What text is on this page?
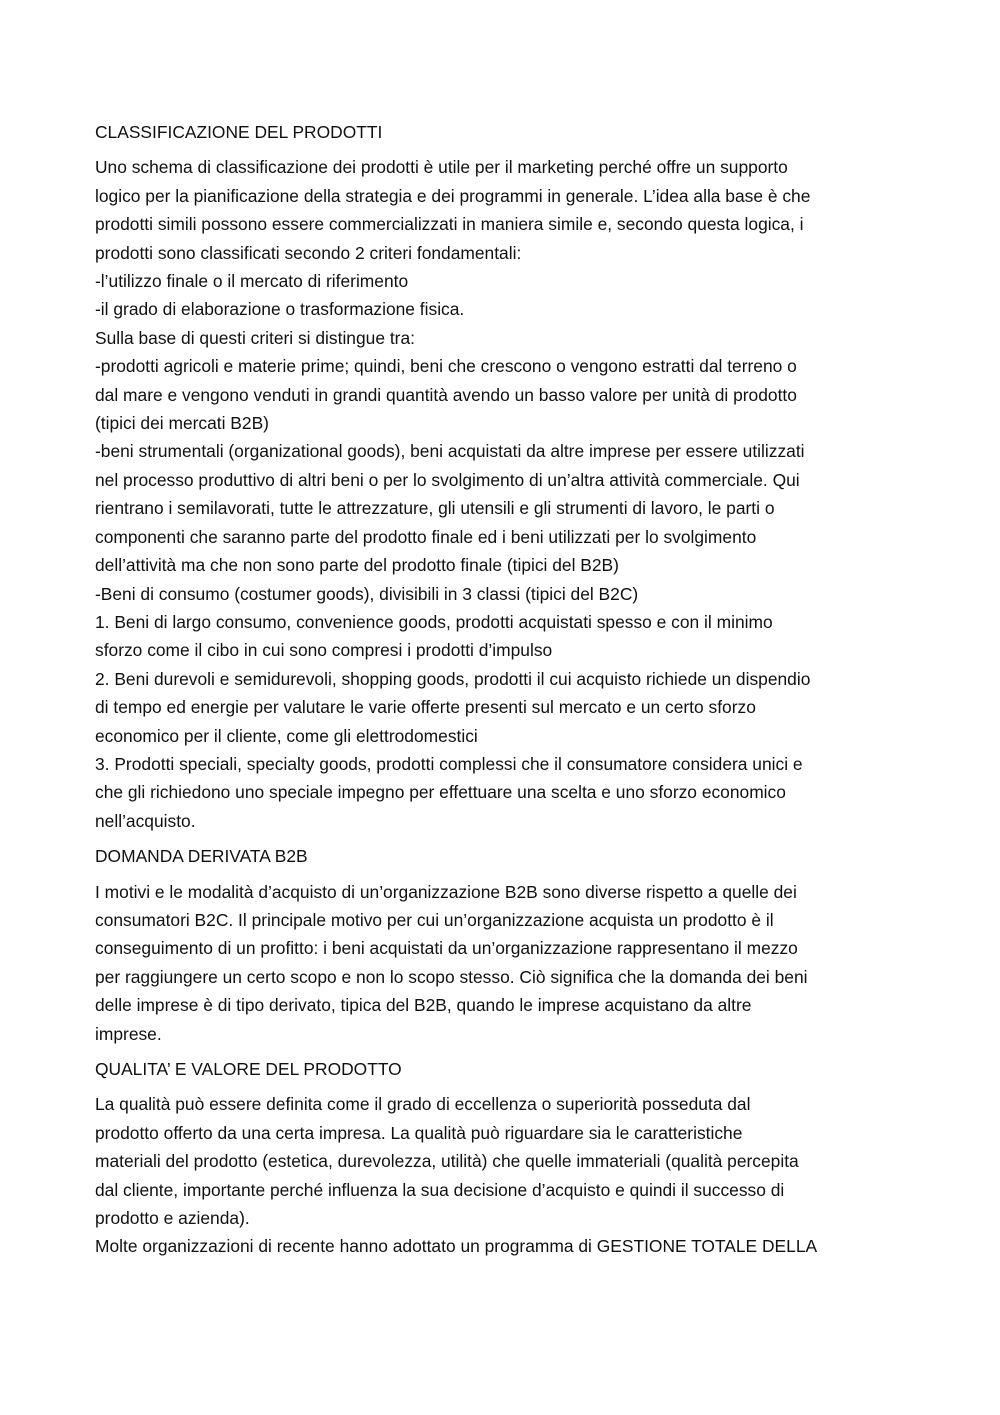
CLASSIFICAZIONE DEL PRODOTTI
Uno schema di classificazione dei prodotti è utile per il marketing perché offre un supporto
logico per la pianificazione della strategia e dei programmi in generale. L’idea alla base è che
prodotti simili possono essere commercializzati in maniera simile e, secondo questa logica, i
prodotti sono classificati secondo 2 criteri fondamentali:
-l’utilizzo finale o il mercato di riferimento
-il grado di elaborazione o trasformazione fisica.
Sulla base di questi criteri si distingue tra:
-prodotti agricoli e materie prime; quindi, beni che crescono o vengono estratti dal terreno o
dal mare e vengono venduti in grandi quantità avendo un basso valore per unità di prodotto
(tipici dei mercati B2B)
-beni strumentali (organizational goods), beni acquistati da altre imprese per essere utilizzati
nel processo produttivo di altri beni o per lo svolgimento di un’altra attività commerciale. Qui
rientrano i semilavorati, tutte le attrezzature, gli utensili e gli strumenti di lavoro, le parti o
componenti che saranno parte del prodotto finale ed i beni utilizzati per lo svolgimento
dell’attività ma che non sono parte del prodotto finale (tipici del B2B)
-Beni di consumo (costumer goods), divisibili in 3 classi (tipici del B2C)
1. Beni di largo consumo, convenience goods, prodotti acquistati spesso e con il minimo
sforzo come il cibo in cui sono compresi i prodotti d’impulso
2. Beni durevoli e semidurevoli, shopping goods, prodotti il cui acquisto richiede un dispendio
di tempo ed energie per valutare le varie offerte presenti sul mercato e un certo sforzo
economico per il cliente, come gli elettrodomestici
3. Prodotti speciali, specialty goods, prodotti complessi che il consumatore considera unici e
che gli richiedono uno speciale impegno per effettuare una scelta e uno sforzo economico
nell’acquisto.
DOMANDA DERIVATA B2B
I motivi e le modalità d’acquisto di un’organizzazione B2B sono diverse rispetto a quelle dei
consumatori B2C. Il principale motivo per cui un’organizzazione acquista un prodotto è il
conseguimento di un profitto: i beni acquistati da un’organizzazione rappresentano il mezzo
per raggiungere un certo scopo e non lo scopo stesso. Ciò significa che la domanda dei beni
delle imprese è di tipo derivato, tipica del B2B, quando le imprese acquistano da altre
imprese.
QUALITA’ E VALORE DEL PRODOTTO
La qualità può essere definita come il grado di eccellenza o superiorità posseduta dal
prodotto offerto da una certa impresa. La qualità può riguardare sia le caratteristiche
materiali del prodotto (estetica, durevolezza, utilità) che quelle immateriali (qualità percepita
dal cliente, importante perché influenza la sua decisione d’acquisto e quindi il successo di
prodotto e azienda).
Molte organizzazioni di recente hanno adottato un programma di GESTIONE TOTALE DELLA
